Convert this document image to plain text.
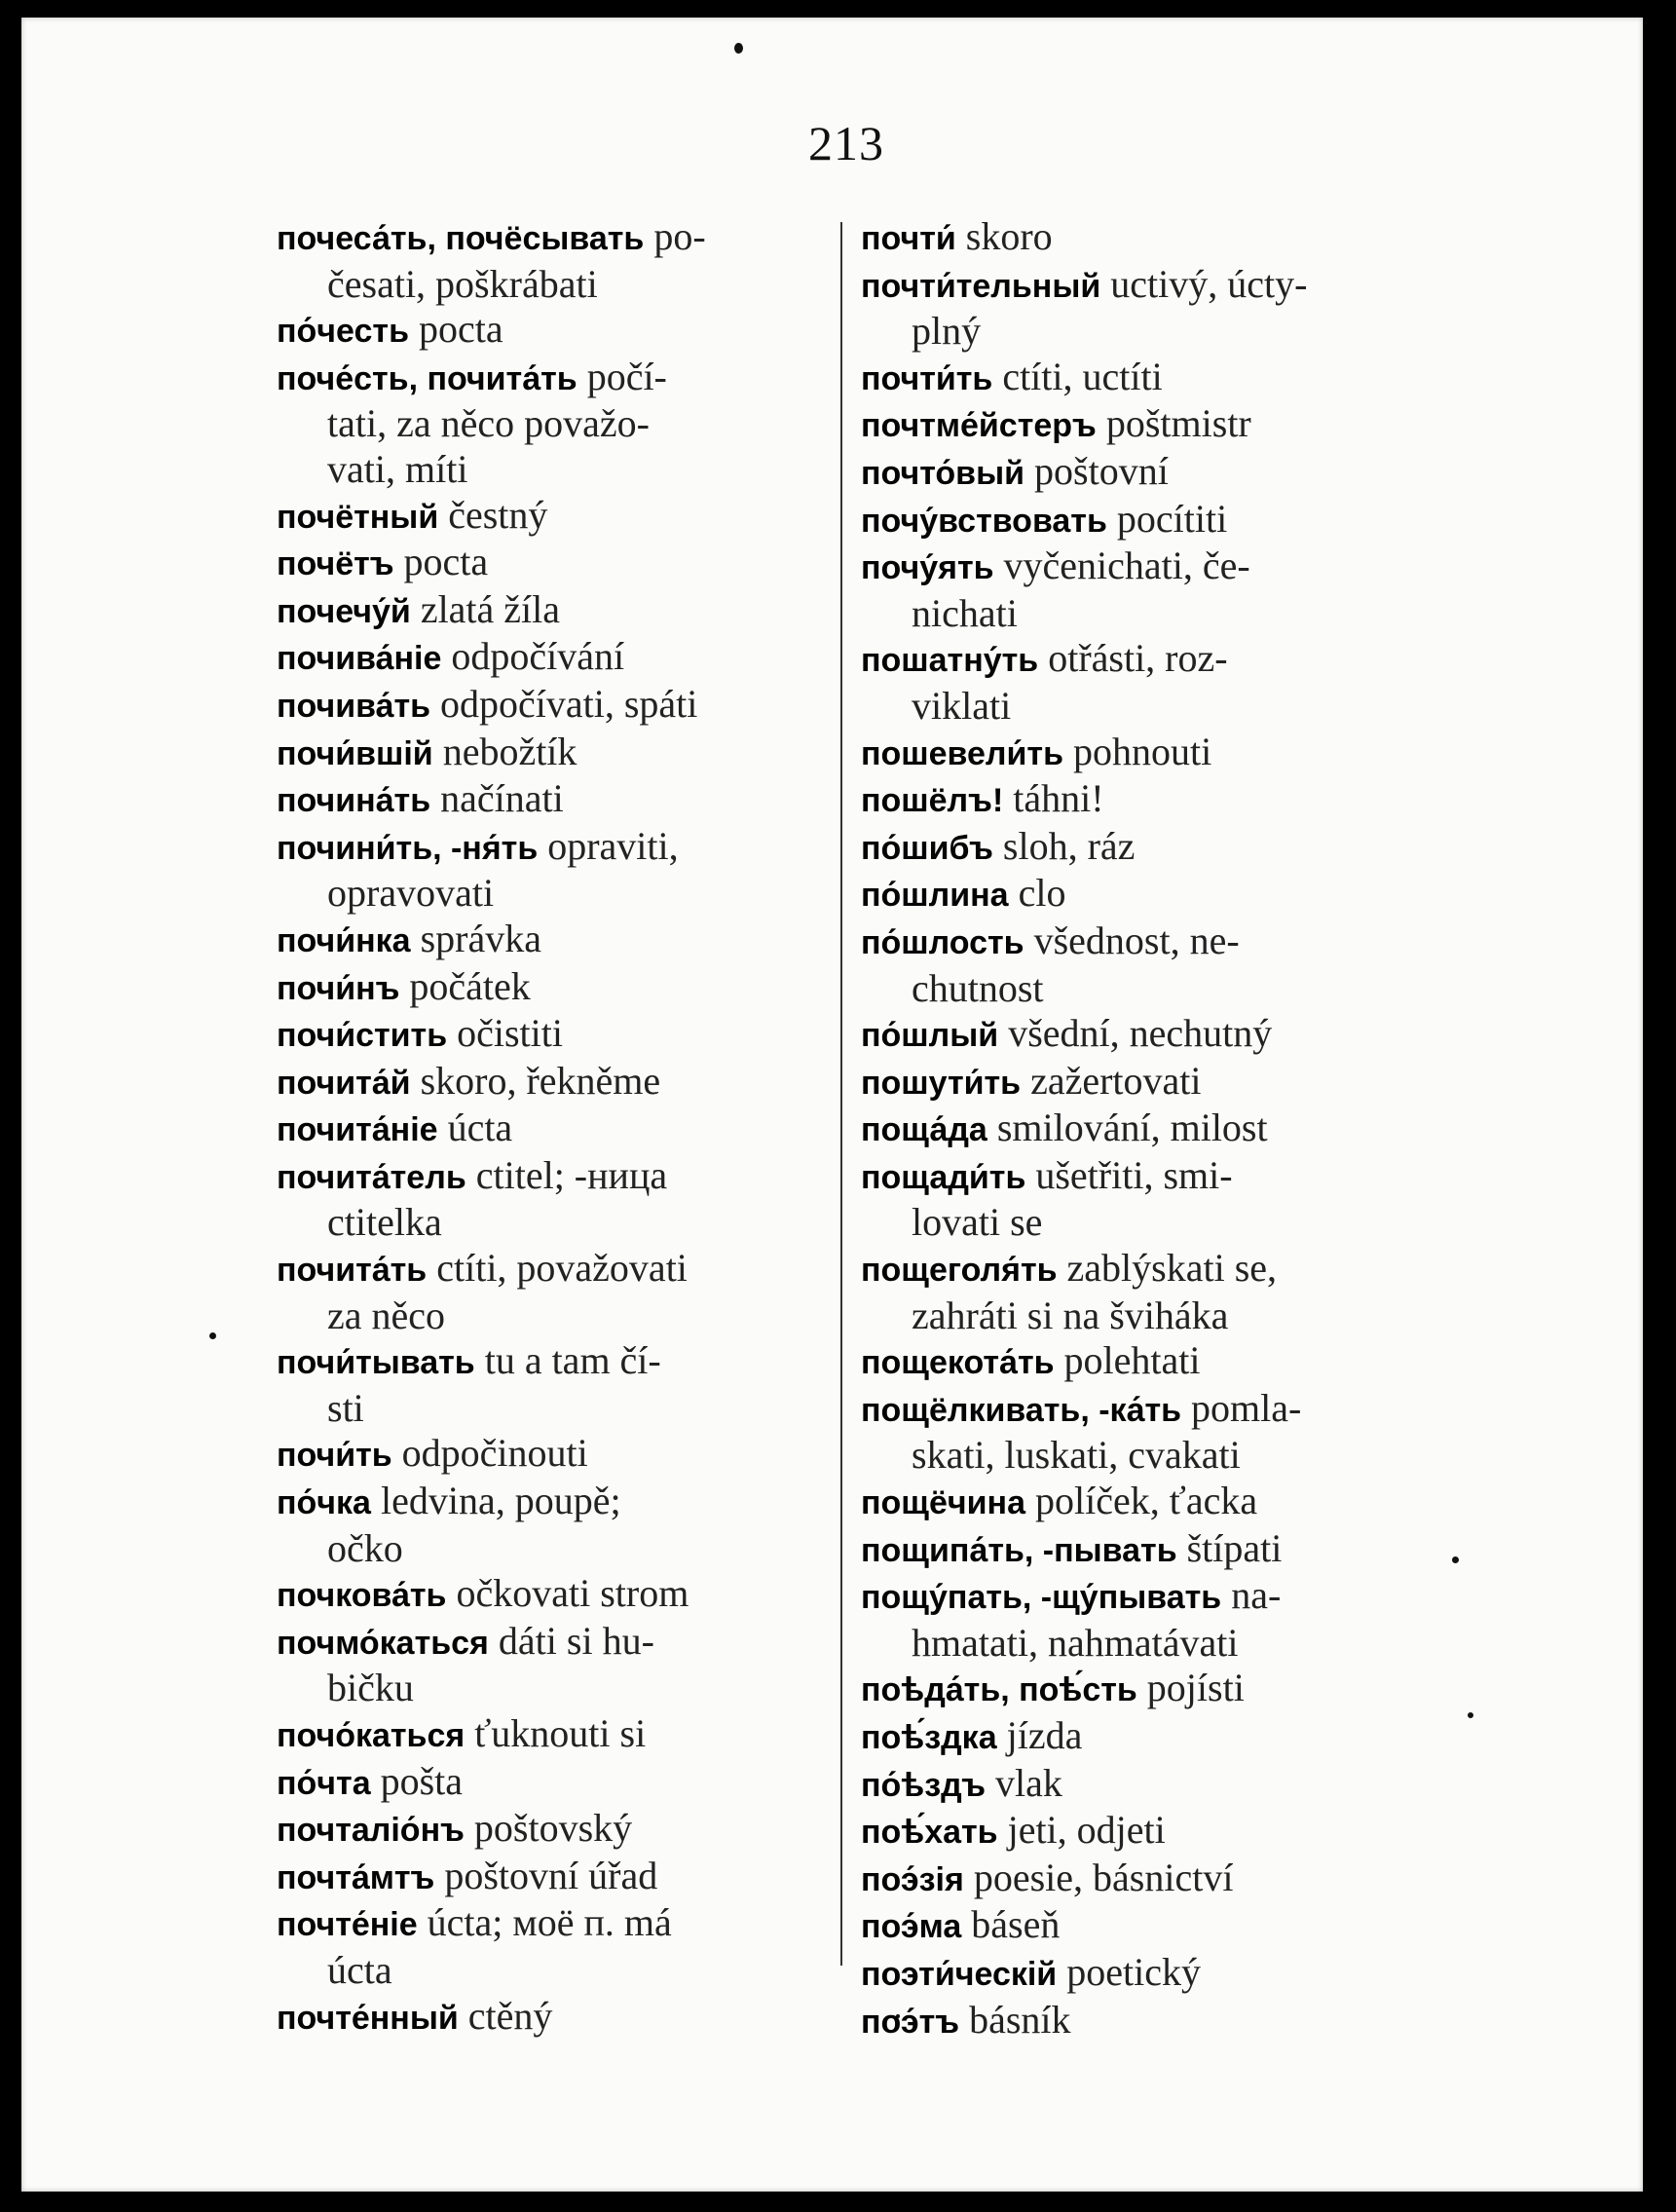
213
почеса́ть, почёсывать po-
česati, poškrábati
по́честь pocta
поче́сть, почита́ть počí-
tati, za něco považo-
vati, míti
почётный čestný
почётъ pocta
почечу́й zlatá žíla
почива́ніе odpočívání
почива́ть odpočívati, spáti
почи́вшій nebožtík
почина́ть načínati
почини́ть, -ня́ть opraviti,
opravovati
почи́нка správka
почи́нъ počátek
почи́стить očistiti
почита́й skoro, řekněme
почита́ніе úcta
почита́тель ctitel; -ница
ctitelka
почита́ть ctíti, považovati
za něco
почи́тывать tu a tam čí-
sti
почи́ть odpočinouti
по́чка ledvina, poupě;
očko
почкова́ть očkovati strom
почмо́каться dáti si hu-
bičku
почо́каться ťuknouti si
по́чта pošta
почталіо́нъ poštovský
почта́мтъ poštovní úřad
почте́ніе úcta; моё п. má
úcta
почте́нный ctěný
почти́ skoro
почти́тельный uctivý, úcty-
plný
почти́ть ctíti, uctíti
почтме́йстеръ poštmistr
почто́вый poštovní
почу́вствовать pocítiti
почу́ять vyčenichati, če-
nichati
пошатну́ть otřásti, roz-
viklati
пошевели́ть pohnouti
пошёлъ! táhni!
по́шибъ sloh, ráz
по́шлина clo
по́шлость všednost, ne-
chutnost
по́шлый všední, nechutný
пошути́ть zažertovati
поща́да smilování, milost
пощади́ть ušetřiti, smi-
lovati se
пощеголя́ть zablýskati se,
zahráti si na šviháka
пощекота́ть polehtati
пощёлкивать, -ка́ть pomla-
skati, luskati, cvakati
пощёчина políček, ťacka
пощипа́ть, -пывать štípati
пощу́пать, -щу́пывать na-
hmatati, nahmatávati
поѣда́ть, поѣ́сть pojísti
поѣ́здка jízda
по́ѣздъ vlak
поѣ́хать jeti, odjeti
поэ́зія poesie, básnictví
поэ́ма báseň
поэти́ческій poetický
поэ́тъ básník
